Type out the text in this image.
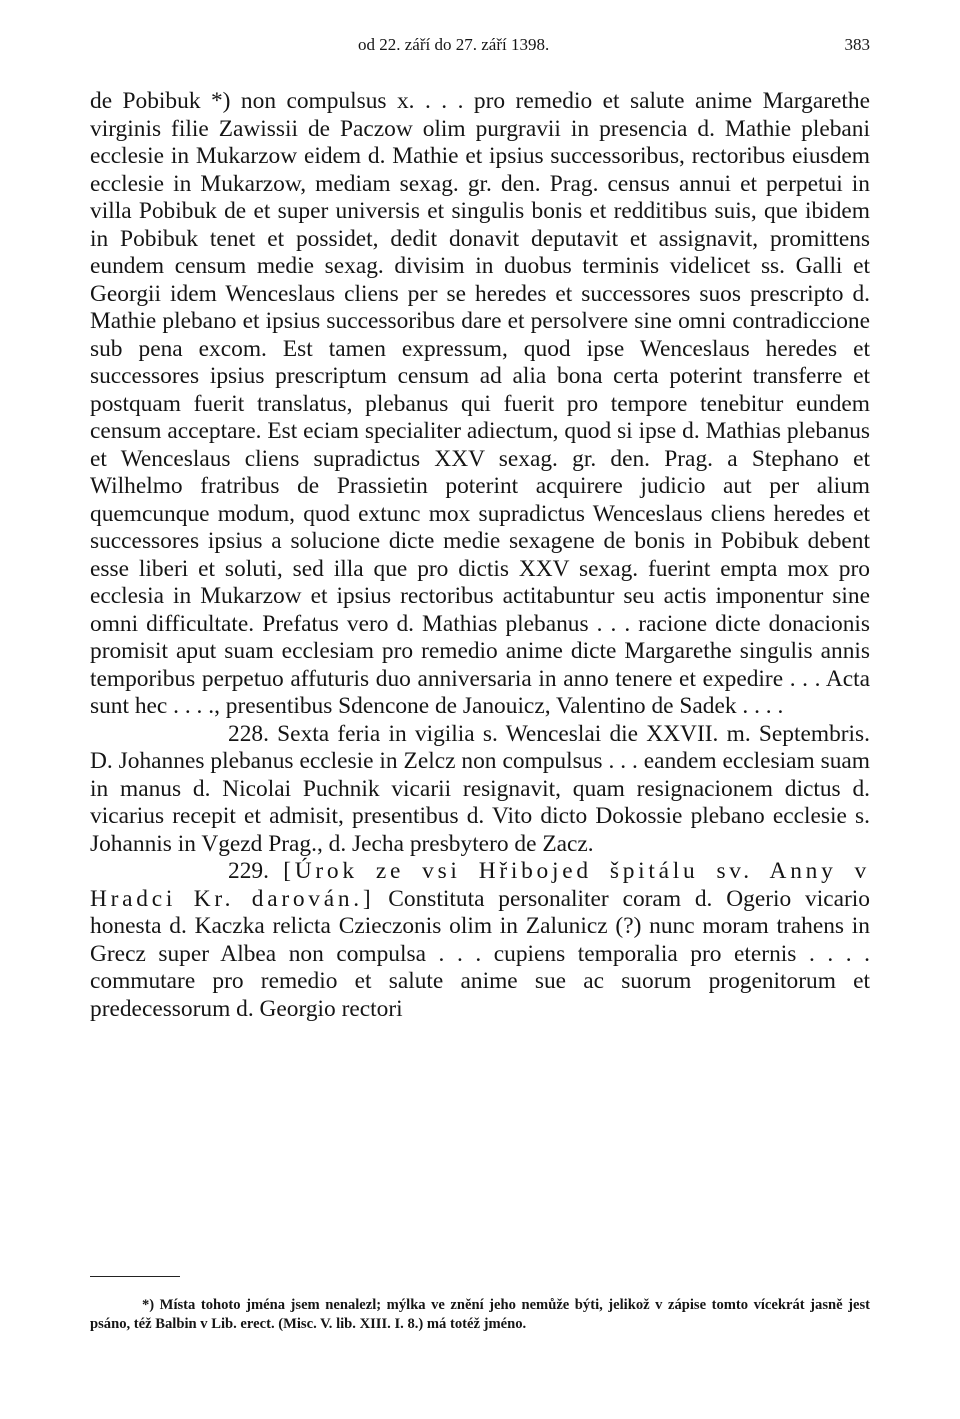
od 22. září do 27. září 1398.	383

de Pobibuk *) non compulsus x. . . . pro remedio et salute anime Margarethe virginis filie Zawissii de Paczow olim purgravii in presencia d. Mathie plebani ecclesie in Mukarzow eidem d. Mathie et ipsius successoribus, rectoribus eiusdem ecclesie in Mukarzow, mediam sexag. gr. den. Prag. census annui et perpetui in villa Pobibuk de et super universis et singulis bonis et redditibus suis, que ibidem in Pobibuk tenet et possidet, dedit donavit deputavit et assignavit, promittens eundem censum medie sexag. divisim in duobus terminis videlicet ss. Galli et Georgii idem Wenceslaus cliens per se heredes et successores suos prescripto d. Mathie plebano et ipsius successoribus dare et persolvere sine omni contradiccione sub pena excom. Est tamen expressum, quod ipse Wenceslaus heredes et successores ipsius prescriptum censum ad alia bona certa poterint transferre et postquam fuerit translatus, plebanus qui fuerit pro tempore tenebitur eundem censum acceptare. Est eciam specialiter adiectum, quod si ipse d. Mathias plebanus et Wenceslaus cliens supradictus XXV sexag. gr. den. Prag. a Stephano et Wilhelmo fratribus de Prassietin poterint acquirere judicio aut per alium quemcunque modum, quod extunc mox supradictus Wenceslaus cliens heredes et successores ipsius a solucione dicte medie sexagene de bonis in Pobibuk debent esse liberi et soluti, sed illa que pro dictis XXV sexag. fuerint empta mox pro ecclesia in Mukarzow et ipsius rectoribus actitabuntur seu actis imponentur sine omni difficultate. Prefatus vero d. Mathias plebanus . . . racione dicte donacionis promisit aput suam ecclesiam pro remedio anime dicte Margarethe singulis annis temporibus perpetuo affuturis duo anniversaria in anno tenere et expedire . . . Acta sunt hec . . . ., presentibus Sdencone de Janouicz, Valentino de Sadek . . . .

228. Sexta feria in vigilia s. Wenceslai die XXVII. m. Septembris. D. Johannes plebanus ecclesie in Zelcz non compulsus . . . eandem ecclesiam suam in manus d. Nicolai Puchnik vicarii resignavit, quam resignacionem dictus d. vicarius recepit et admisit, presentibus d. Vito dicto Dokossie plebano ecclesie s. Johannis in Vgezd Prag., d. Jecha presbytero de Zacz.

229. [Úrok ze vsi Hřibojed špitálu sv. Anny v Hradci Kr. darován.] Constituta personaliter coram d. Ogerio vicario honesta d. Kaczka relicta Czieczonis olim in Zalunicz (?) nunc moram trahens in Grecz super Albea non compulsa . . . cupiens temporalia pro eternis . . . . commutare pro remedio et salute anime sue ac suorum progenitorum et predecessorum d. Georgio rectori

*) Místa tohoto jména jsem nenalezl; mýlka ve znění jeho nemůže býti, jelikož v zápise tomto vícekrát jasně jest psáno, též Balbin v Lib. erect. (Misc. V. lib. XIII. I. 8.) má totéž jméno.
